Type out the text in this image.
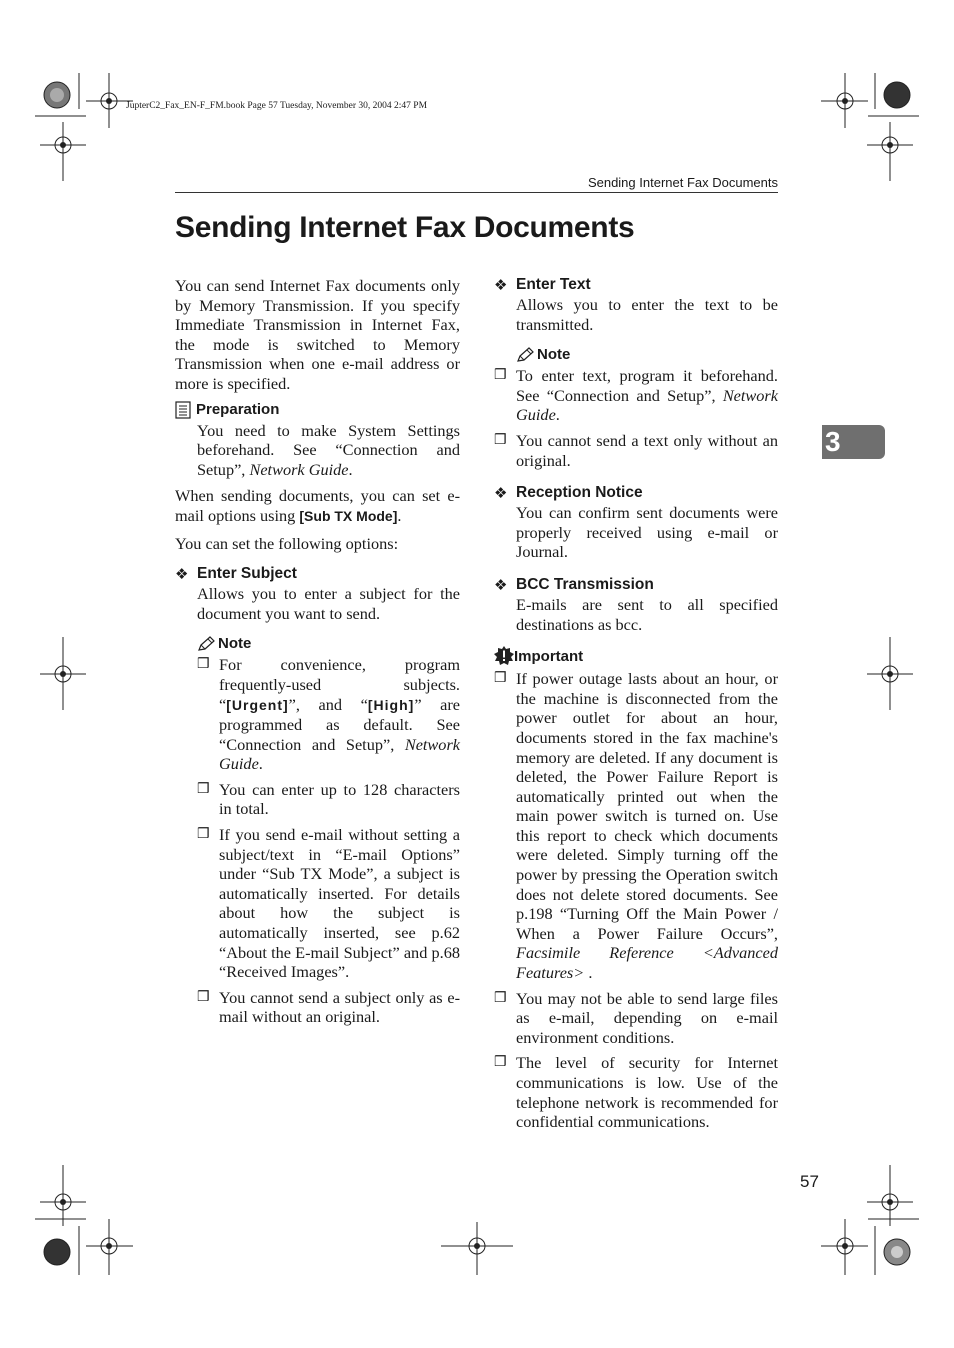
JupterC2_Fax_EN-F_FM.book Page 57 Tuesday, November 30, 2004 2:47 PM
Sending Internet Fax Documents
Sending Internet Fax Documents
3
57

You can send Internet Fax documents only by Memory Transmission. If you specify Immediate Transmission in Internet Fax, the mode is switched to Memory Transmission when one e-mail address or more is specified.

Preparation

You need to make System Settings beforehand. See “Connection and Setup”, Network Guide.

When sending documents, you can set e-mail options using [Sub TX Mode].

You can set the following options:

❖ Enter Subject

Allows you to enter a subject for the document you want to send.

Note
❒ For convenience, program frequently-used subjects. “[Urgent]”, and “[High]” are programmed as default. See “Connection and Setup”, Network Guide.
❒ You can enter up to 128 characters in total.
❒ If you send e-mail without setting a subject/text in “E-mail Options” under “Sub TX Mode”, a subject is automatically inserted. For details about how the subject is automatically inserted, see p.62 “About the E-mail Subject” and p.68 “Received Images”.
❒ You cannot send a subject only as e-mail without an original.
❖ Enter Text

Allows you to enter the text to be transmitted.

Note
❒ To enter text, program it beforehand. See “Connection and Setup”, Network Guide.
❒ You cannot send a text only without an original.
❖ Reception Notice

You can confirm sent documents were properly received using e-mail or Journal.

❖ BCC Transmission

E-mails are sent to all specified destinations as bcc.

Important
❒ If power outage lasts about an hour, or the machine is disconnected from the power outlet for about an hour, documents stored in the fax machine's memory are deleted. If any document is deleted, the Power Failure Report is automatically printed out when the main power switch is turned on. Use this report to check which documents were deleted. Simply turning off the power by pressing the Operation switch does not delete stored documents. See p.198 “Turning Off the Main Power / When a Power Failure Occurs”, Facsimile Reference <Advanced Features> .
❒ You may not be able to send large files as e-mail, depending on e-mail environment conditions.
❒ The level of security for Internet communications is low. Use of the telephone network is recommended for confidential communications.
